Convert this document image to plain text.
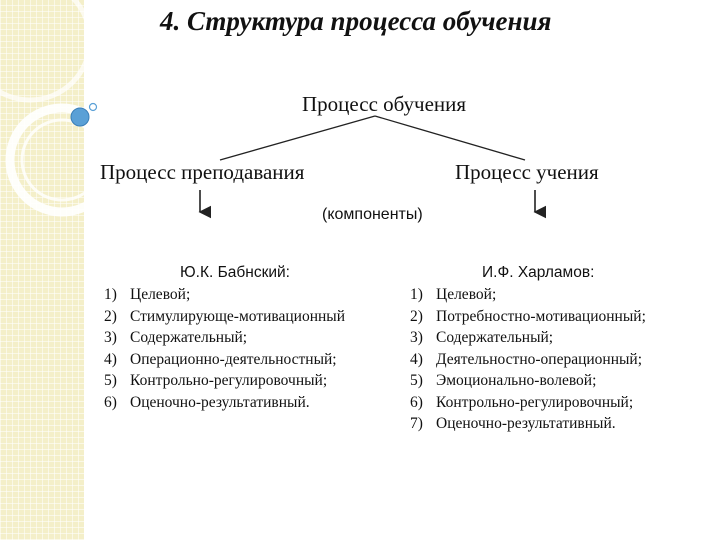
4. Структура процесса обучения
Процесс обучения
Процесс преподавания	Процесс учения
(компоненты)
Ю.К. Бабнский:	И.Ф. Харламов:
1) Целевой;
2) Стимулирующе-мотивационный
3) Содержательный;
4) Операционно-деятельностный;
5) Контрольно-регулировочный;
6) Оценочно-результативный.
1) Целевой;
2) Потребностно-мотивационный;
3) Содержательный;
4) Деятельностно-операционный;
5) Эмоционально-волевой;
6) Контрольно-регулировочный;
7) Оценочно-результативный.
